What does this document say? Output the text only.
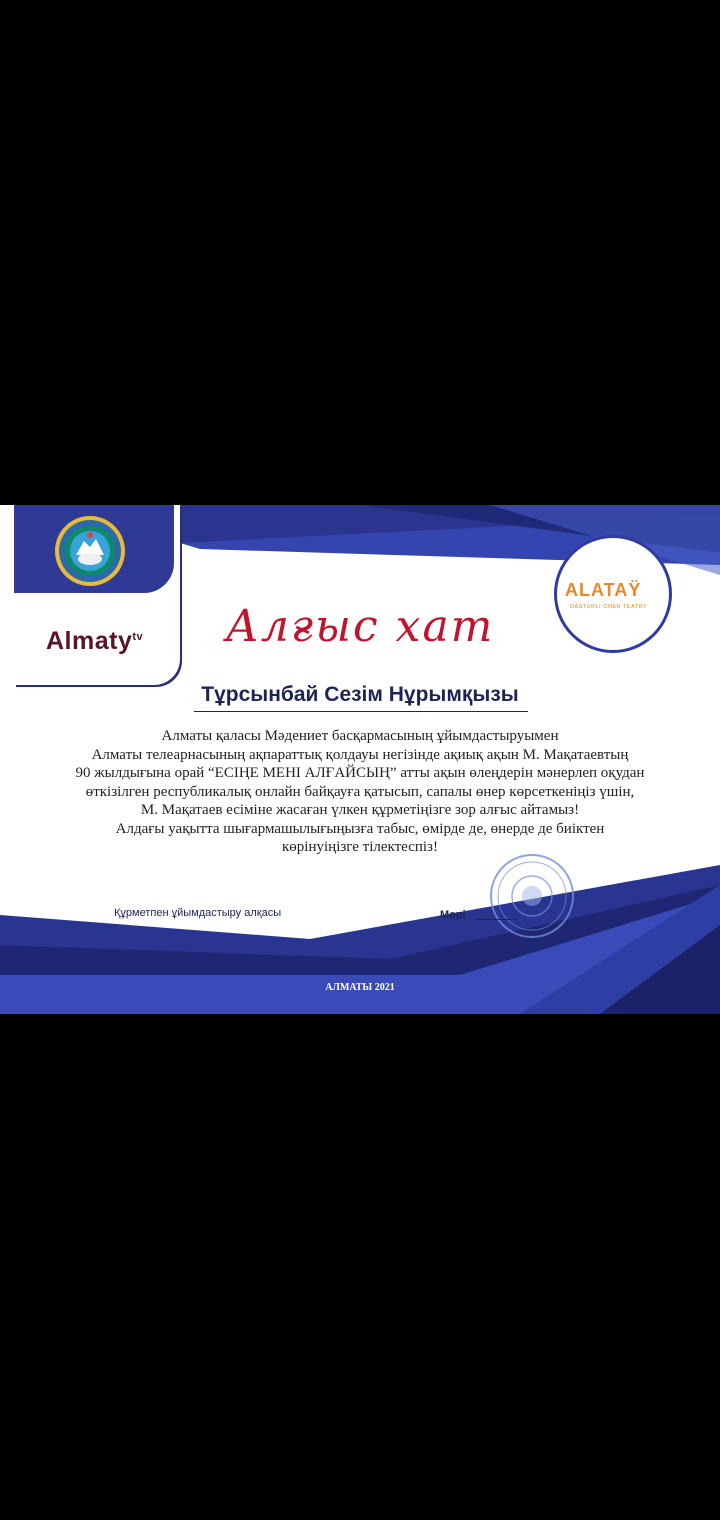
Almaty$^{tv}$
ALATAŸ
DÁSTÚRLI ÓNER TEATRY
Алғыс хат
Тұрсынбай Сезім Нұрымқызы
Алматы қаласы Мәдениет басқармасының ұйымдастыруымен
Алматы телеарнасының ақпараттық қолдауы негізінде ақиық ақын М. Мақатаевтың
90 жылдығына орай “ЕСІҢЕ МЕНІ АЛҒАЙСЫҢ” атты ақын өлеңдерін мәнерлеп оқудан
өткізілген республикалық онлайн байқауға қатысып, сапалы өнер көрсеткеніңіз үшін,
М. Мақатаев есіміне жасаған үлкен құрметіңізге зор алғыс айтамыз!
Алдағы уақытта шығармашылығыңызға табыс, өмірде де, өнерде де биіктен
көрінуіңізге тілектеспіз!
Құрметпен ұйымдастыру алқасы	Мөрі
АЛМАТЫ 2021
